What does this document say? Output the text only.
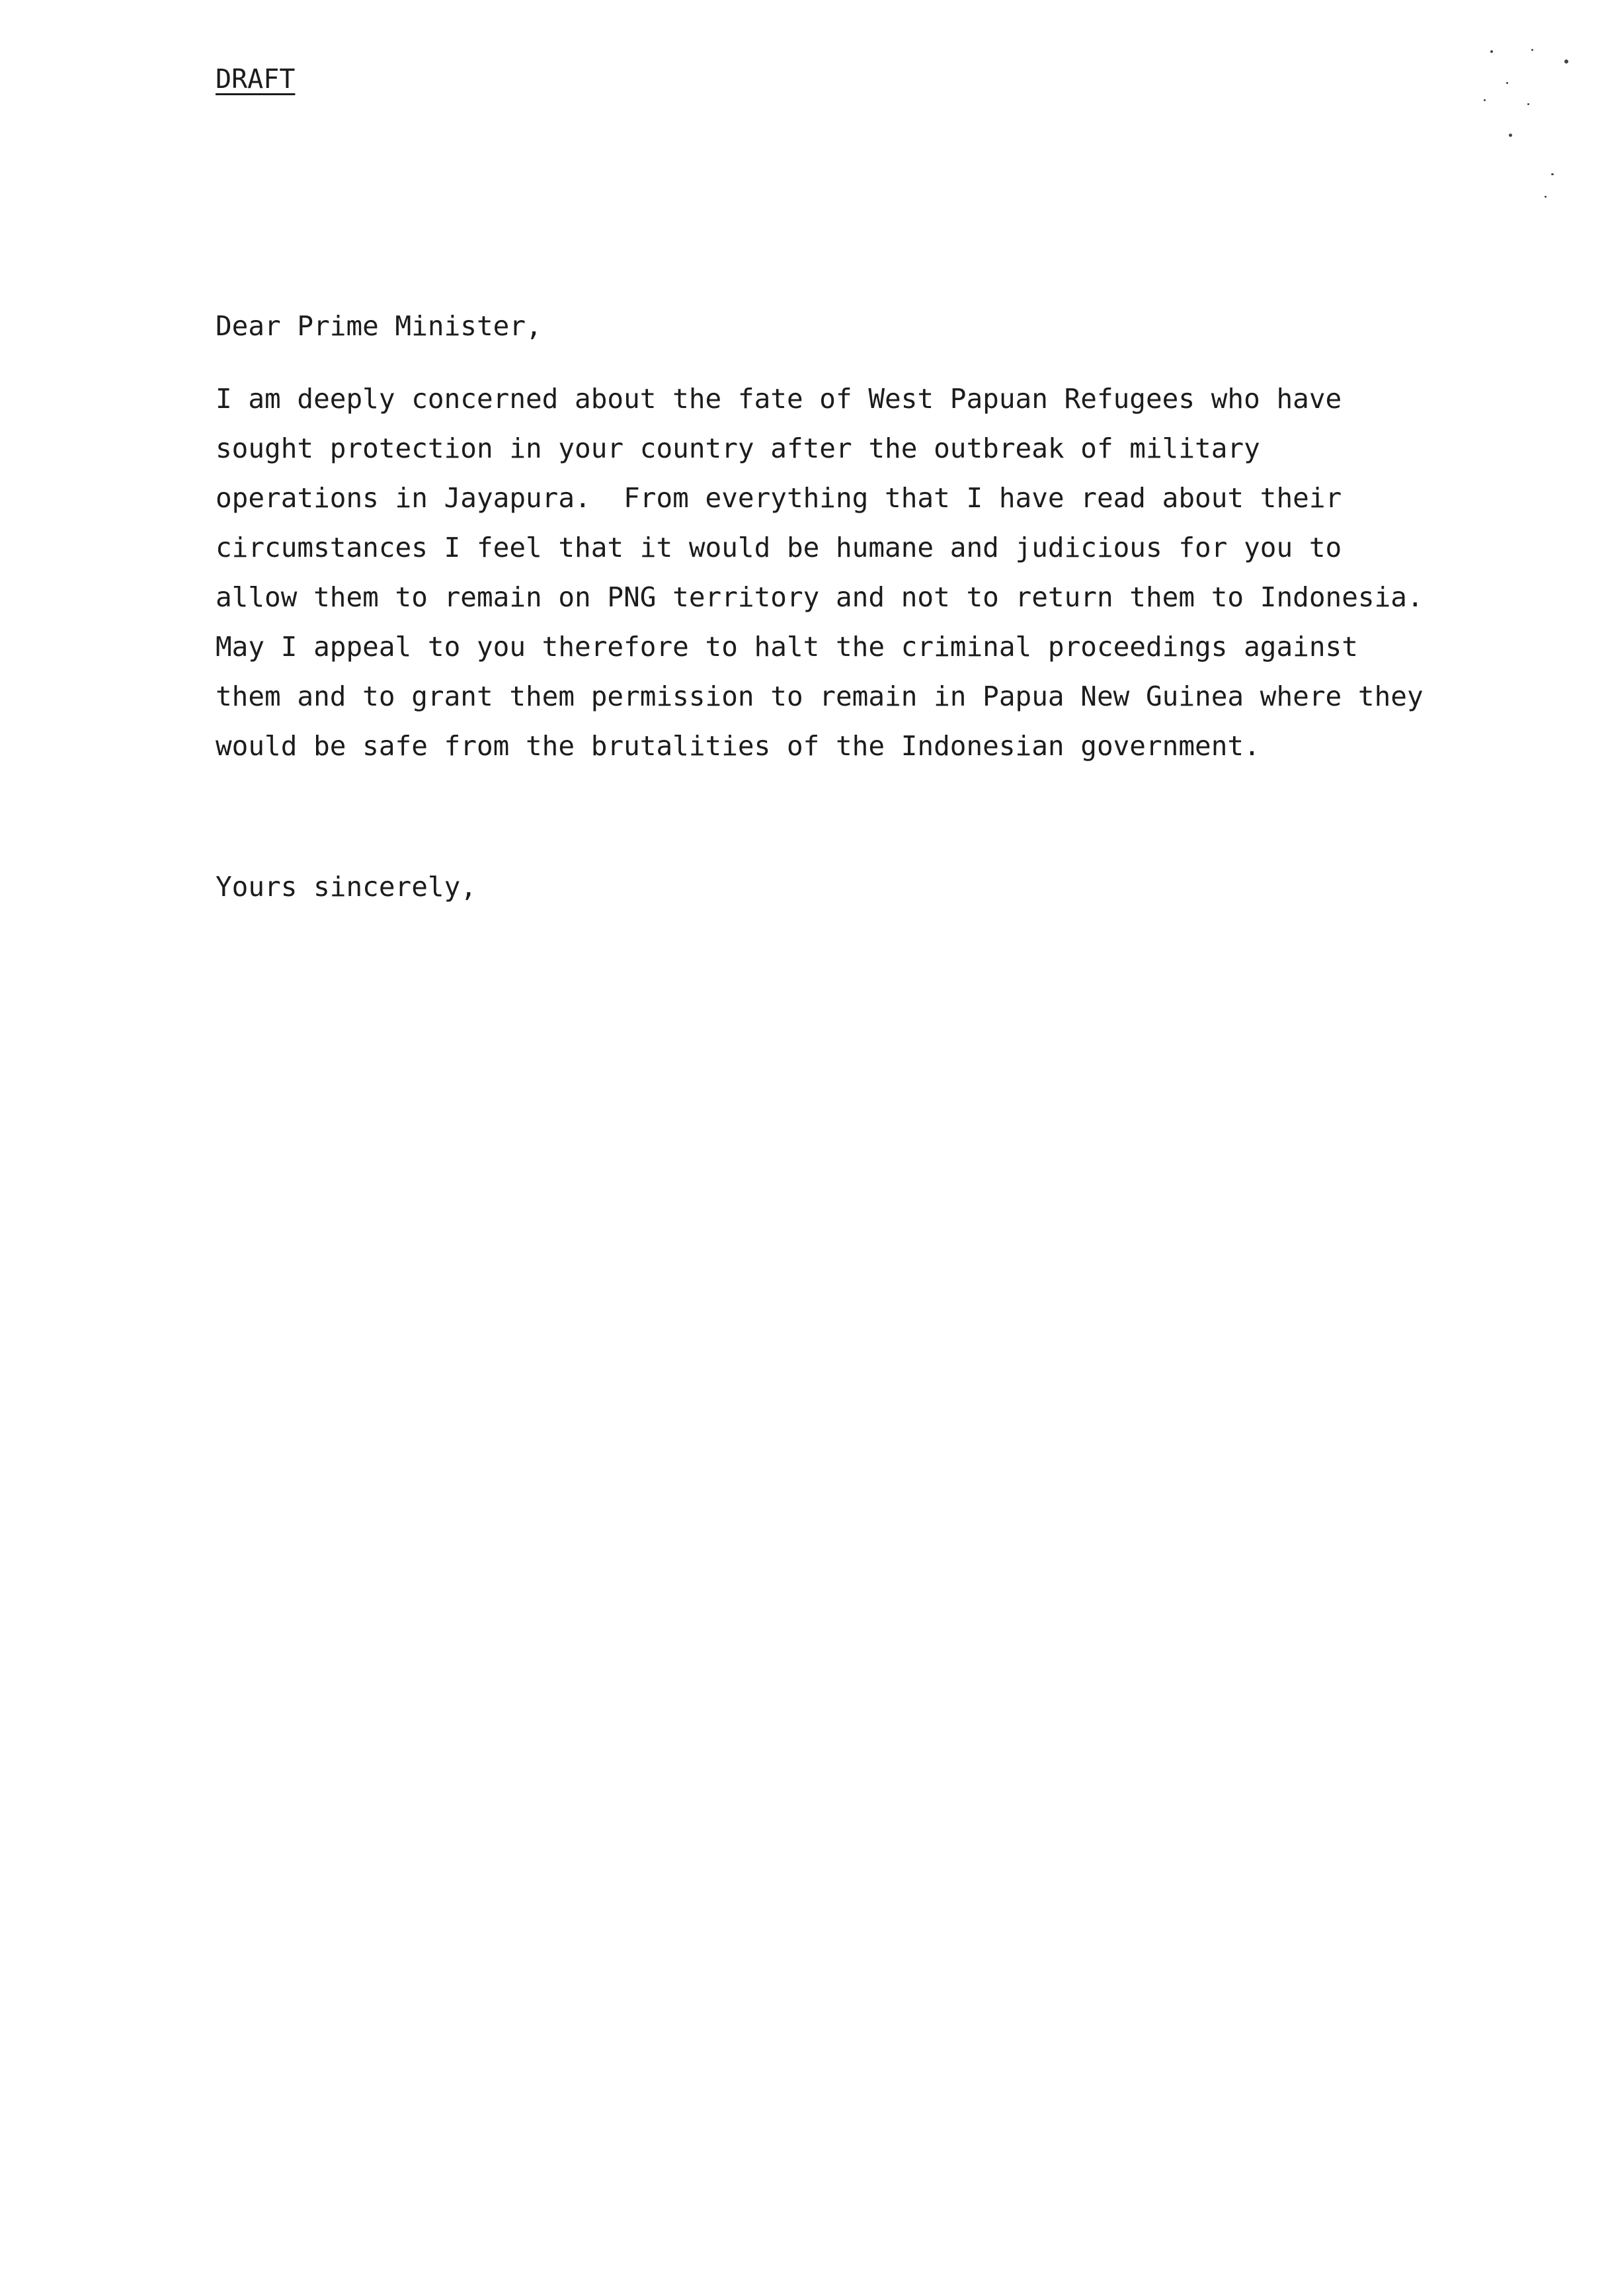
DRAFT
Dear Prime Minister,
I am deeply concerned about the fate of West Papuan Refugees who have
sought protection in your country after the outbreak of military
operations in Jayapura.  From everything that I have read about their
circumstances I feel that it would be humane and judicious for you to
allow them to remain on PNG territory and not to return them to Indonesia.
May I appeal to you therefore to halt the criminal proceedings against
them and to grant them permission to remain in Papua New Guinea where they
would be safe from the brutalities of the Indonesian government.
Yours sincerely,
